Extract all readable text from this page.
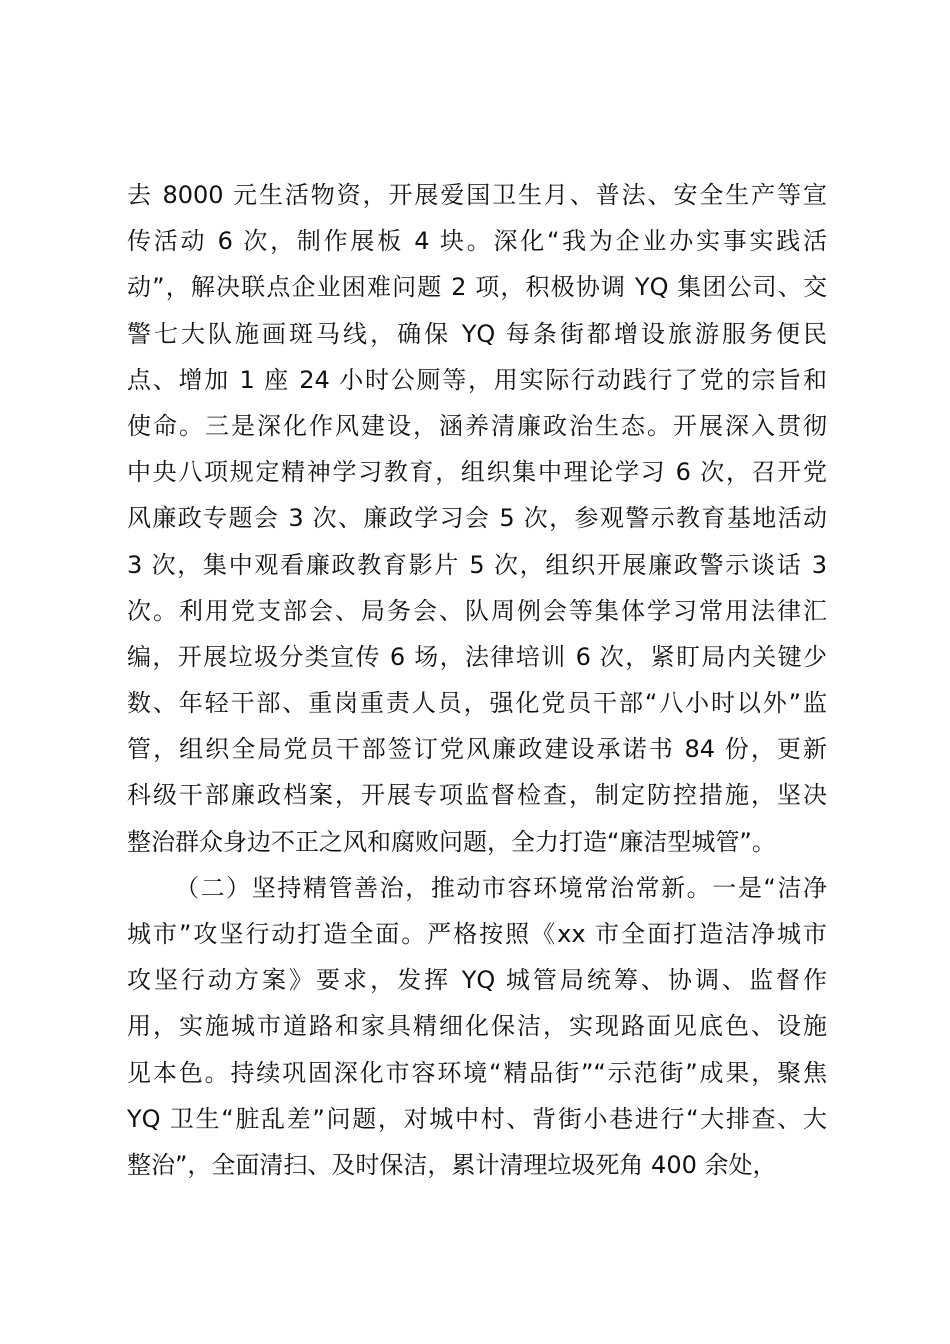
去 8000 元生活物资，开展爱国卫生月、普法、安全生产等宣
传活动 6 次，制作展板 4 块。深化“我为企业办实事实践活
动”，解决联点企业困难问题 2 项，积极协调 YQ 集团公司、交
警七大队施画斑马线，确保 YQ 每条街都增设旅游服务便民
点、增加 1 座 24 小时公厕等，用实际行动践行了党的宗旨和
使命。三是深化作风建设，涵养清廉政治生态。开展深入贯彻
中央八项规定精神学习教育，组织集中理论学习 6 次，召开党
风廉政专题会 3 次、廉政学习会 5 次，参观警示教育基地活动
3 次，集中观看廉政教育影片 5 次，组织开展廉政警示谈话 3
次。利用党支部会、局务会、队周例会等集体学习常用法律汇
编，开展垃圾分类宣传 6 场，法律培训 6 次，紧盯局内关键少
数、年轻干部、重岗重责人员，强化党员干部“八小时以外”监
管，组织全局党员干部签订党风廉政建设承诺书 84 份，更新
科级干部廉政档案，开展专项监督检查，制定防控措施，坚决
整治群众身边不正之风和腐败问题，全力打造“廉洁型城管”。
（二）坚持精管善治，推动市容环境常治常新。一是“洁净
城市”攻坚行动打造全面。严格按照《xx 市全面打造洁净城市
攻坚行动方案》要求，发挥 YQ 城管局统筹、协调、监督作
用，实施城市道路和家具精细化保洁，实现路面见底色、设施
见本色。持续巩固深化市容环境“精品街”“示范街”成果，聚焦
YQ 卫生“脏乱差”问题，对城中村、背街小巷进行“大排查、大
整治”，全面清扫、及时保洁，累计清理垃圾死角 400 余处，
